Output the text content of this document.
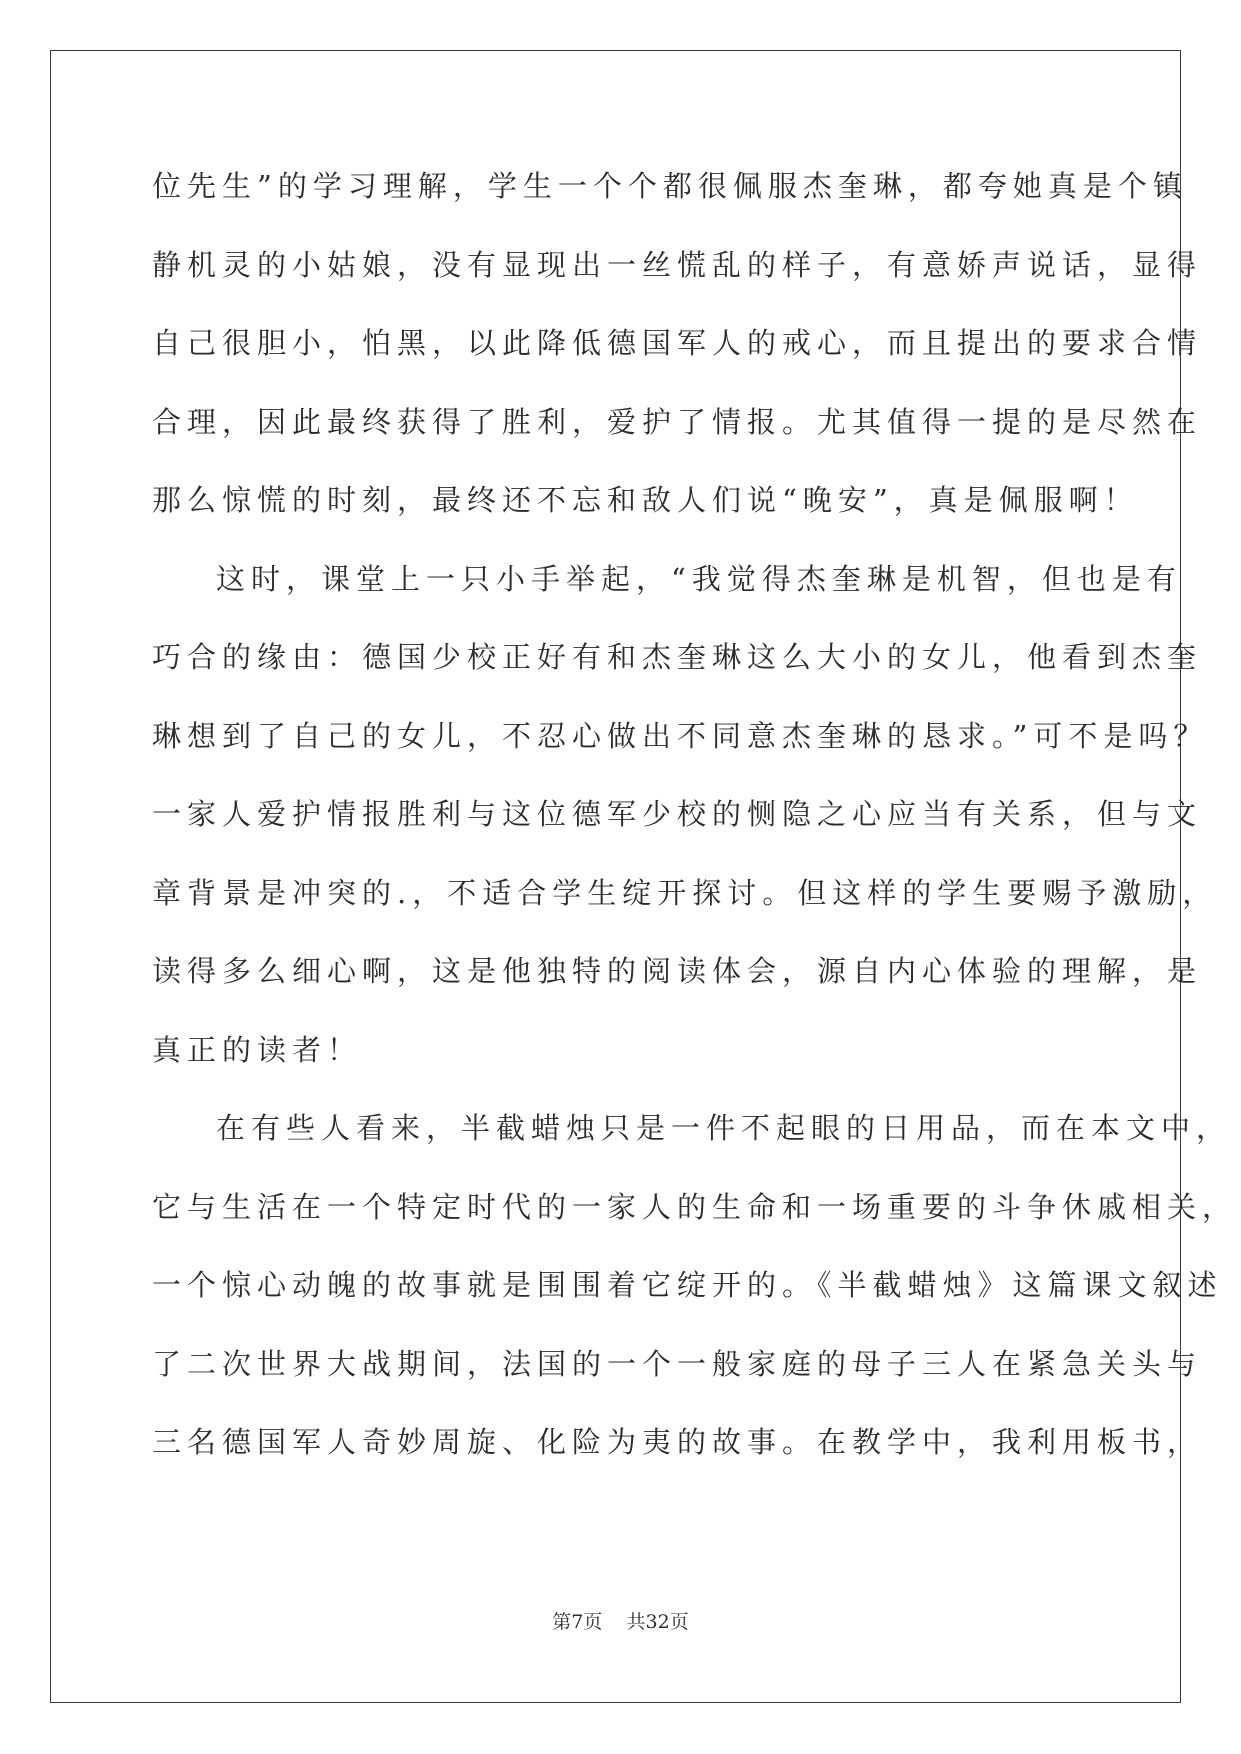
位先生”的学习理解，学生一个个都很佩服杰奎琳，都夸她真是个镇
静机灵的小姑娘，没有显现出一丝慌乱的样子，有意娇声说话，显得
自己很胆小，怕黑，以此降低德国军人的戒心，而且提出的要求合情
合理，因此最终获得了胜利，爱护了情报。尤其值得一提的是尽然在
那么惊慌的时刻，最终还不忘和敌人们说“晚安”，真是佩服啊！
这时，课堂上一只小手举起，“我觉得杰奎琳是机智，但也是有
巧合的缘由：德国少校正好有和杰奎琳这么大小的女儿，他看到杰奎
琳想到了自己的女儿，不忍心做出不同意杰奎琳的恳求。”可不是吗？
一家人爱护情报胜利与这位德军少校的恻隐之心应当有关系，但与文
章背景是冲突的.，不适合学生绽开探讨。但这样的学生要赐予激励，
读得多么细心啊，这是他独特的阅读体会，源自内心体验的理解，是
真正的读者！
在有些人看来，半截蜡烛只是一件不起眼的日用品，而在本文中，
它与生活在一个特定时代的一家人的生命和一场重要的斗争休戚相关，
一个惊心动魄的故事就是围围着它绽开的。《半截蜡烛》这篇课文叙述
了二次世界大战期间，法国的一个一般家庭的母子三人在紧急关头与
三名德国军人奇妙周旋、化险为夷的故事。在教学中，我利用板书，
第7页 共32页
